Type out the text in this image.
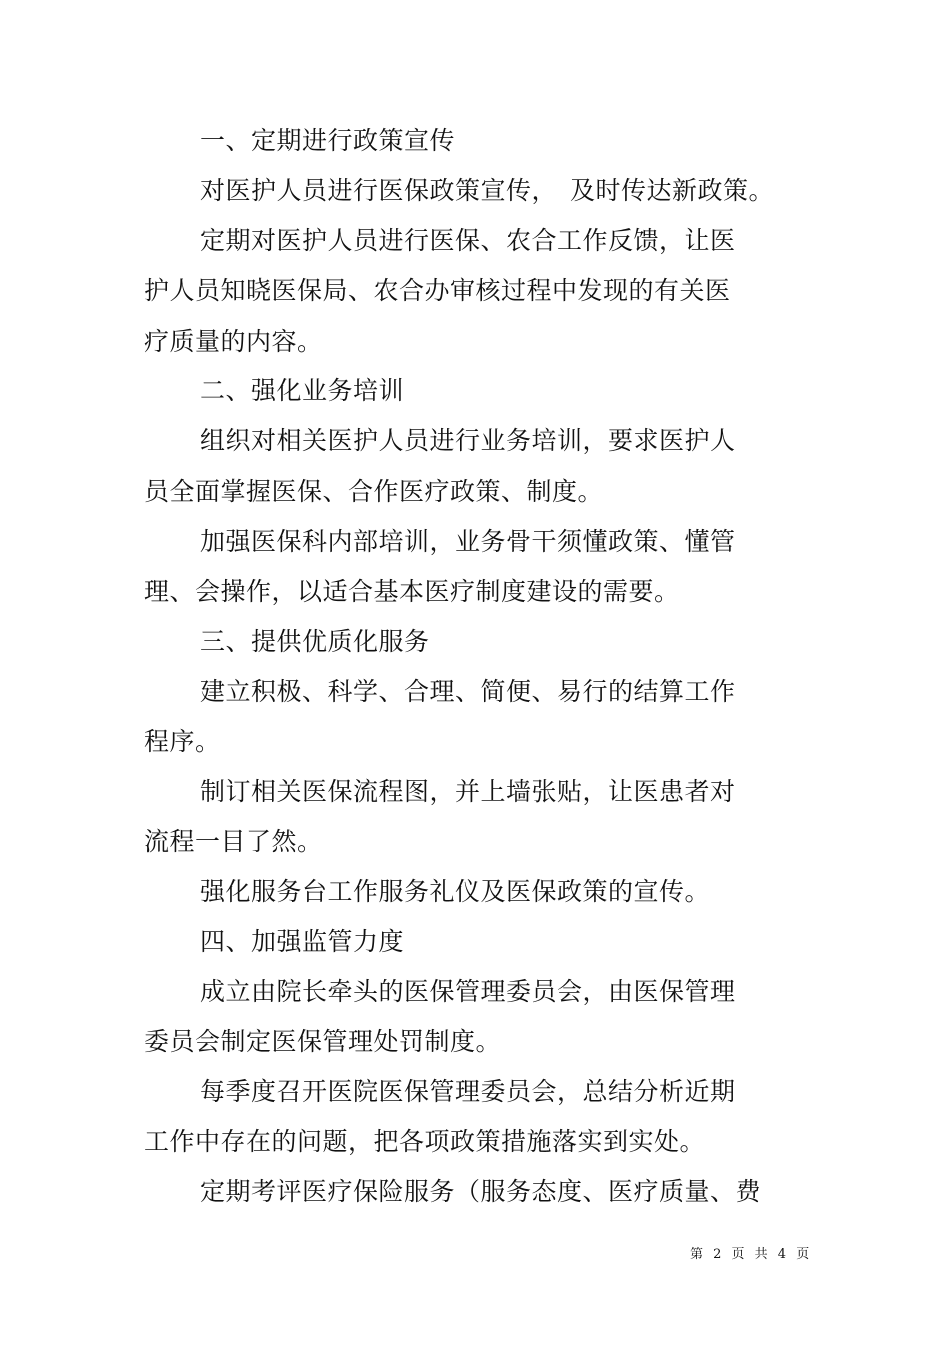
一、定期进行政策宣传
对医护人员进行医保政策宣传，　及时传达新政策。
定期对医护人员进行医保、农合工作反馈，让医
护人员知晓医保局、农合办审核过程中发现的有关医
疗质量的内容。
二、强化业务培训
组织对相关医护人员进行业务培训，要求医护人
员全面掌握医保、合作医疗政策、制度。
加强医保科内部培训，业务骨干须懂政策、懂管
理、会操作，以适合基本医疗制度建设的需要。
三、提供优质化服务
建立积极、科学、合理、简便、易行的结算工作
程序。
制订相关医保流程图，并上墙张贴，让医患者对
流程一目了然。
强化服务台工作服务礼仪及医保政策的宣传。
四、加强监管力度
成立由院长牵头的医保管理委员会，由医保管理
委员会制定医保管理处罚制度。
每季度召开医院医保管理委员会，总结分析近期
工作中存在的问题，把各项政策措施落实到实处。
定期考评医疗保险服务（服务态度、医疗质量、费
第 2 页 共 4 页
